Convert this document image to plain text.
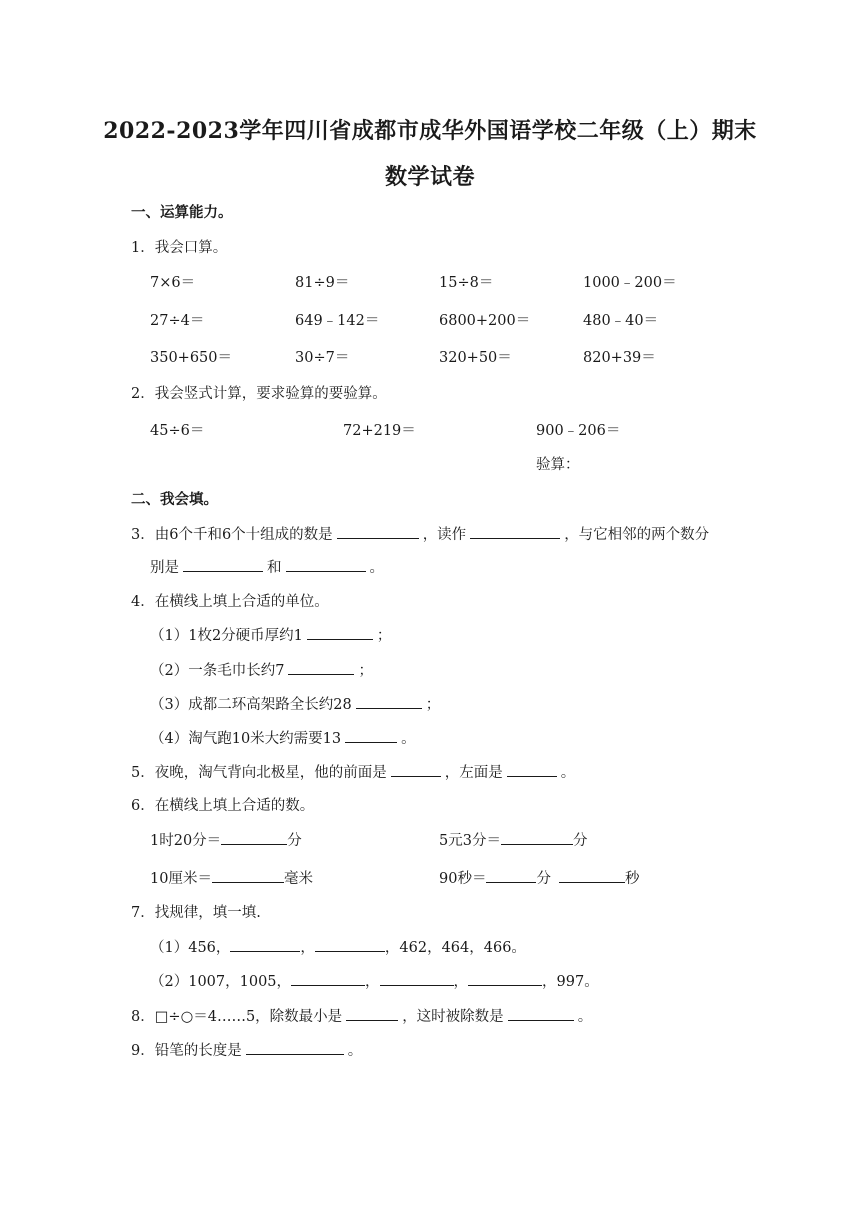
2022-2023学年四川省成都市成华外国语学校二年级（上）期末
数学试卷
一、运算能力。
1．我会口算。
7×6＝	81÷9＝	15÷8＝	1000﹣200＝
27÷4＝	649﹣142＝	6800+200＝	480﹣40＝
350+650＝	30÷7＝	320+50＝	820+39＝
2．我会竖式计算，要求验算的要验算。
45÷6＝	72+219＝	900﹣206＝
验算：
二、我会填。
3．由6个千和6个十组成的数是	，读作	，与它相邻的两个数分
别是	和	。
4．在横线上填上合适的单位。
（1）1枚2分硬币厚约1	；
（2）一条毛巾长约7	；
（3）成都二环高架路全长约28	；
（4）淘气跑10米大约需要13	。
5．夜晚，淘气背向北极星，他的前面是	，左面是	。
6．在横线上填上合适的数。
1时20分＝	分	5元3分＝	分
10厘米＝	毫米	90秒＝	分	秒
7．找规律，填一填.
（1）456，	，	，462，464，466。
（2）1007，1005，	，	，	，997。
8．□÷○＝4……5，除数最小是	，这时被除数是	。
9．铅笔的长度是	。
